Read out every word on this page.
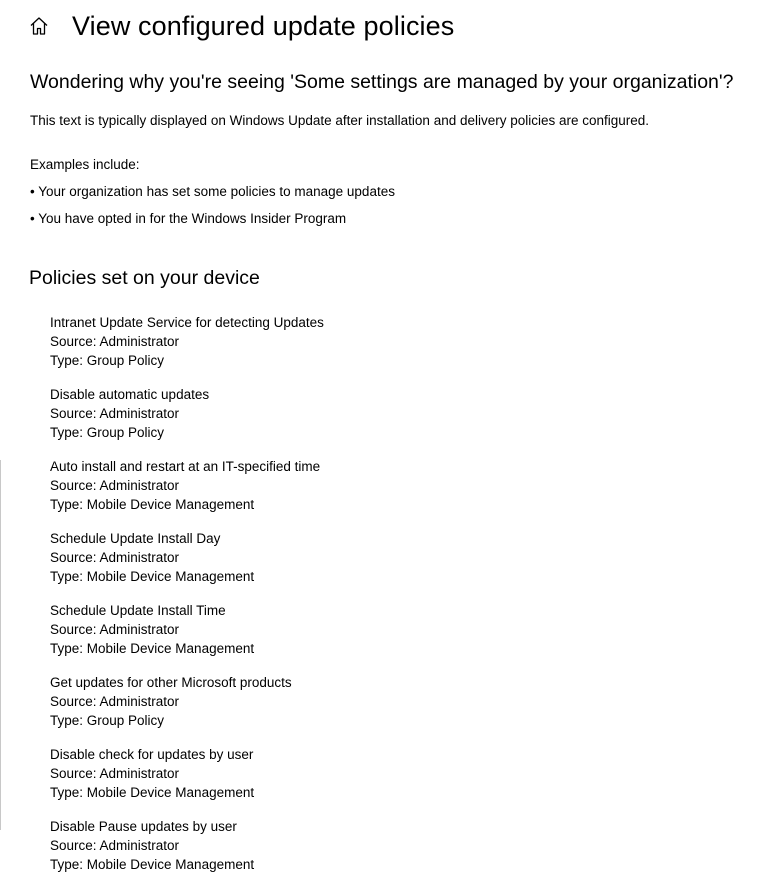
View configured update policies
Wondering why you're seeing 'Some settings are managed by your organization'?
This text is typically displayed on Windows Update after installation and delivery policies are configured.
Examples include:
• Your organization has set some policies to manage updates
• You have opted in for the Windows Insider Program
Policies set on your device
Intranet Update Service for detecting Updates
Source: Administrator
Type: Group Policy
Disable automatic updates
Source: Administrator
Type: Group Policy
Auto install and restart at an IT-specified time
Source: Administrator
Type: Mobile Device Management
Schedule Update Install Day
Source: Administrator
Type: Mobile Device Management
Schedule Update Install Time
Source: Administrator
Type: Mobile Device Management
Get updates for other Microsoft products
Source: Administrator
Type: Group Policy
Disable check for updates by user
Source: Administrator
Type: Mobile Device Management
Disable Pause updates by user
Source: Administrator
Type: Mobile Device Management
